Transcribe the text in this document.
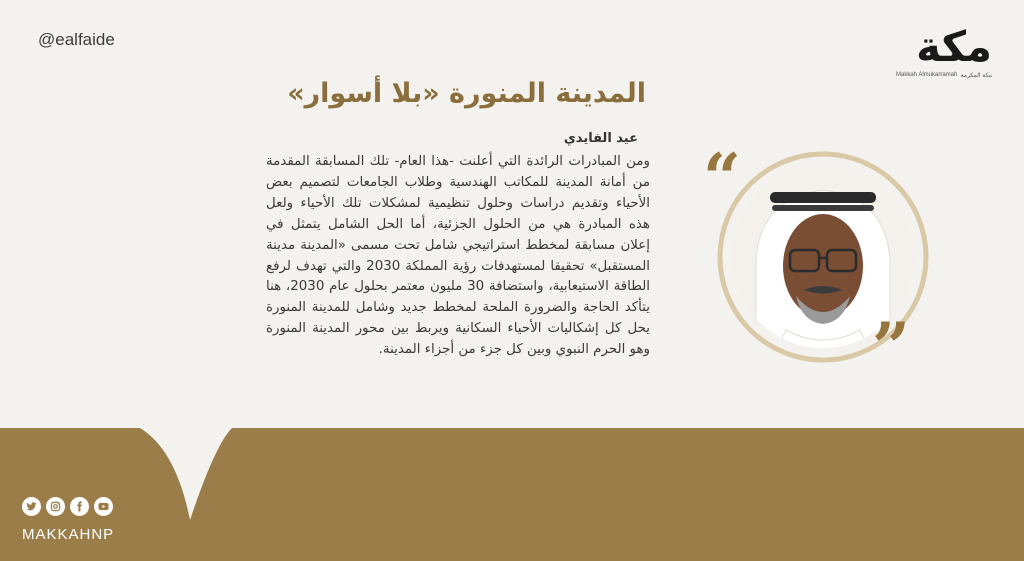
@ealfaide	مكة
Makkah Almukarramah مكة المكرمة
المدينة المنورة «بلا أسوار»
عيد الفايدي

ومن المبادرات الرائدة التي أعلنت -هذا العام- تلك المسابقة المقدمة من أمانة المدينة للمكاتب الهندسية وطلاب الجامعات لتصميم بعض الأحياء وتقديم دراسات وحلول تنظيمية لمشكلات تلك الأحياء ولعل هذه المبادرة هي من الحلول الجزئية، أما الحل الشامل يتمثل في إعلان مسابقة لمخطط استراتيجي شامل تحت مسمى «المدينة مدينة المستقبل» تحقيقا لمستهدفات رؤية المملكة 2030 والتي تهدف لرفع الطاقة الاستيعابية، واستضافة 30 مليون معتمر بحلول عام 2030، هنا يتأكد الحاجة والضرورة الملحة لمخطط جديد وشامل للمدينة المنورة يحل كل إشكاليات الأحياء السكانية ويربط بين محور المدينة المنورة وهو الحرم النبوي وبين كل جزء من أجزاء المدينة.

“
”
MAKKAHNP
